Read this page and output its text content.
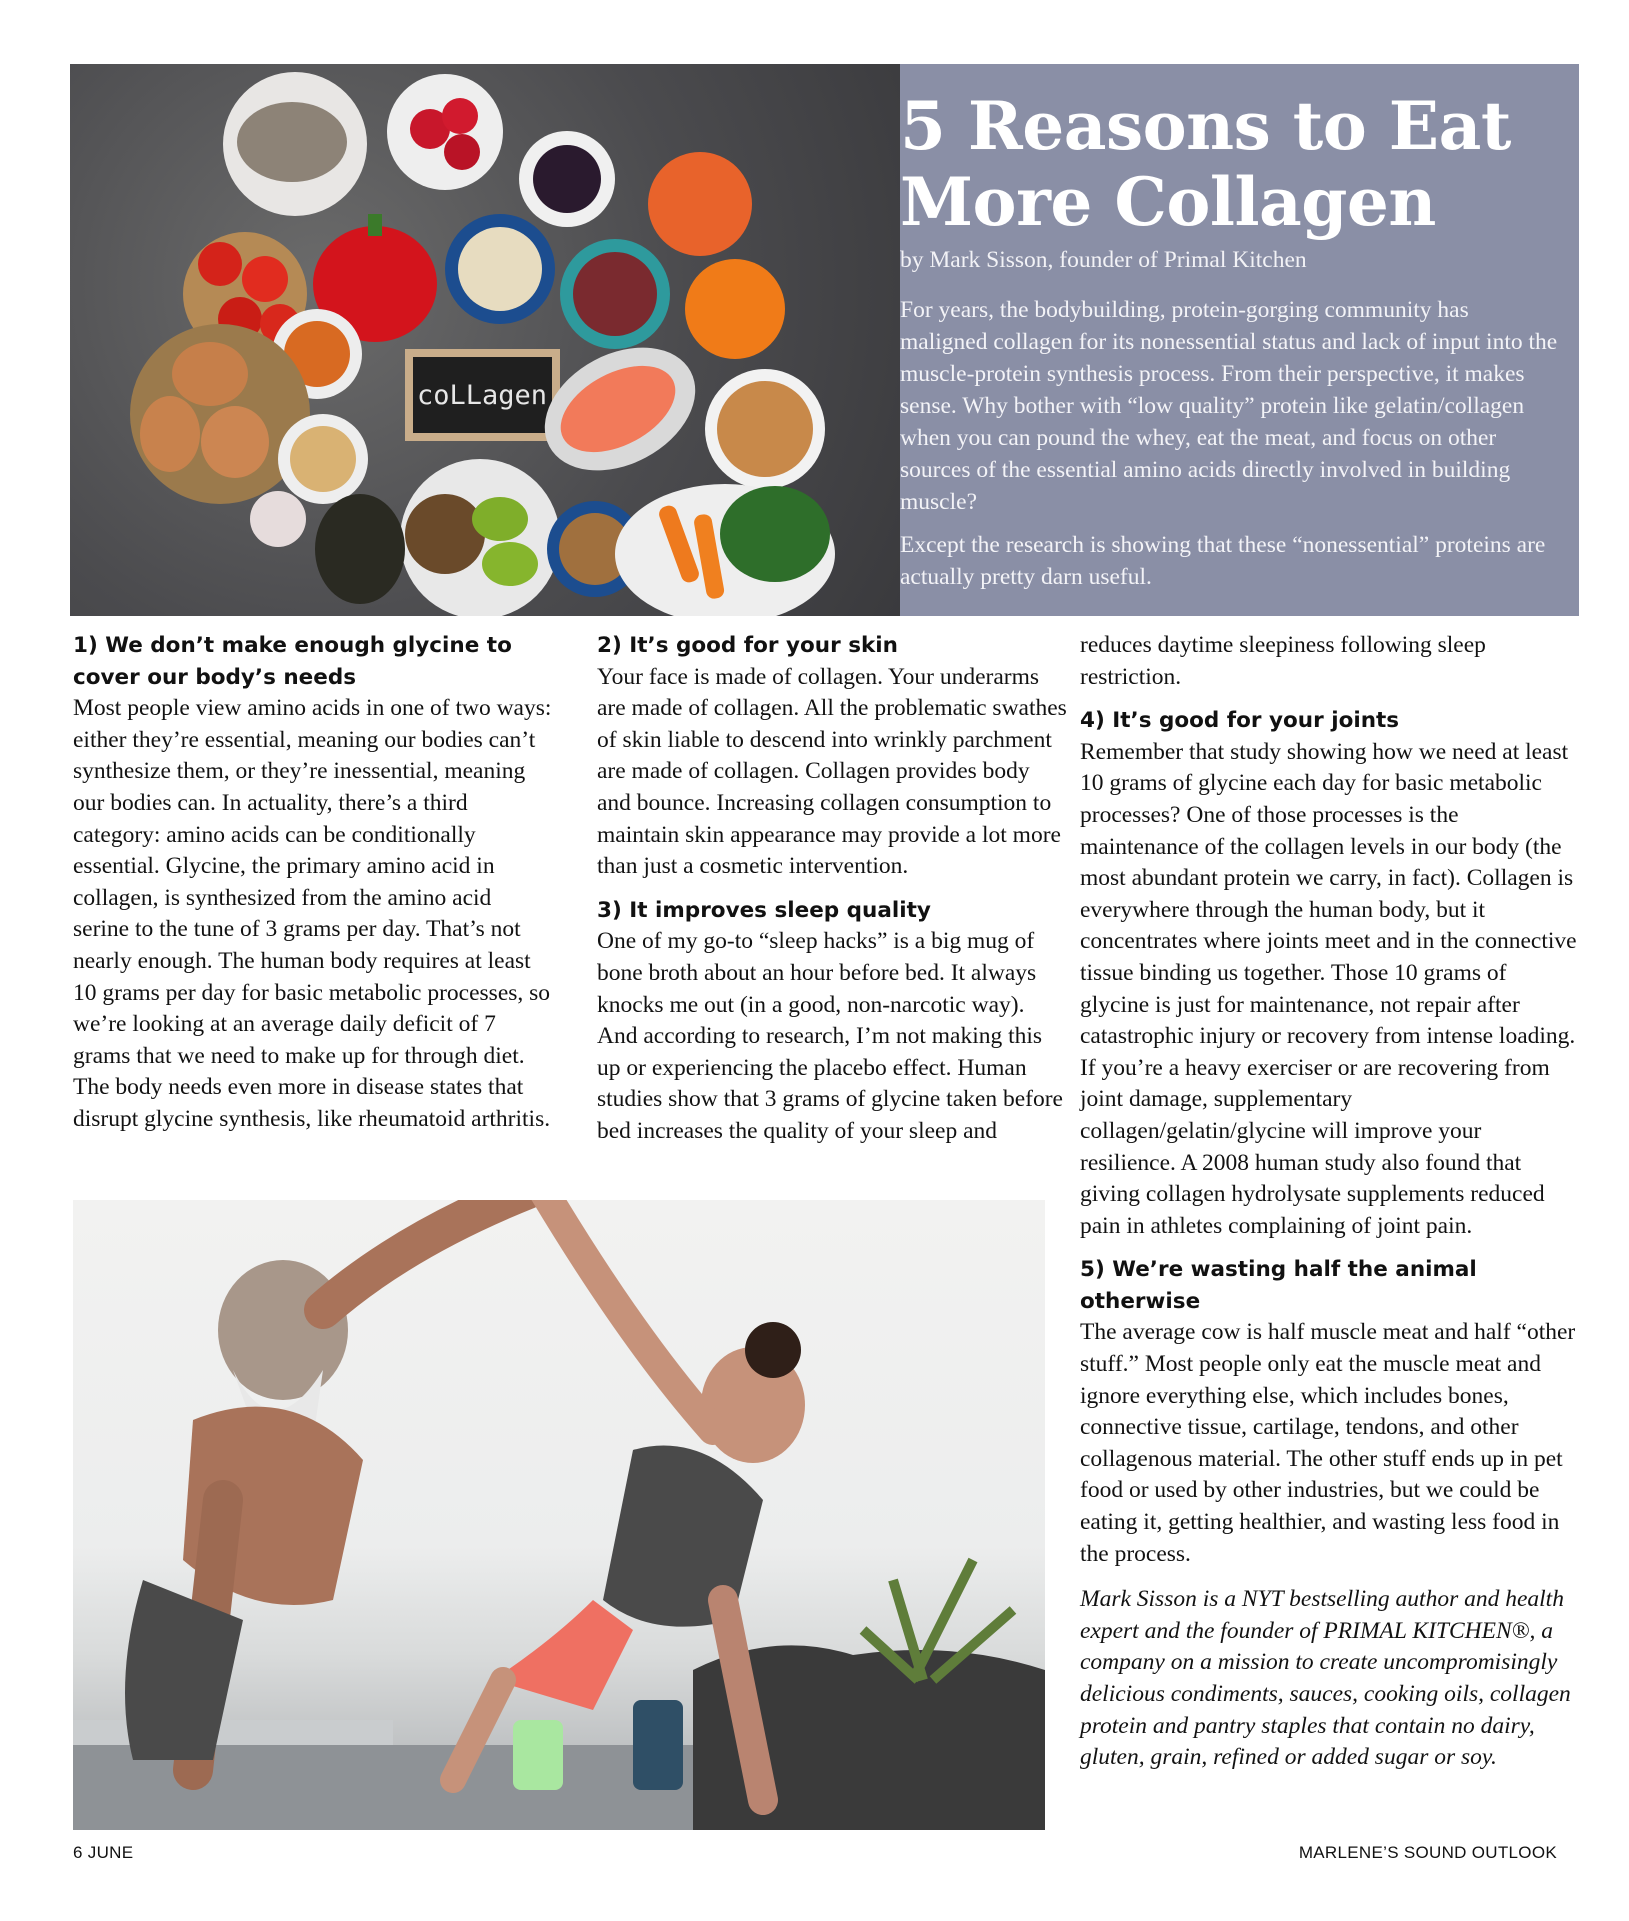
coLLagen
5 Reasons to Eat
More Collagen
by Mark Sisson, founder of Primal Kitchen

For years, the bodybuilding, protein-gorging community has maligned collagen for its nonessential status and lack of input into the muscle-protein synthesis process. From their perspective, it makes sense. Why bother with “low quality” protein like gelatin/collagen when you can pound the whey, eat the meat, and focus on other sources of the essential amino acids directly involved in building muscle?

Except the research is showing that these “nonessential” proteins are actually pretty darn useful.

1) We don’t make enough glycine to cover our body’s needs

Most people view amino acids in one of two ways: either they’re essential, meaning our bodies can’t synthesize them, or they’re inessential, meaning our bodies can. In actuality, there’s a third category: amino acids can be conditionally essential. Glycine, the primary amino acid in collagen, is synthesized from the amino acid serine to the tune of 3 grams per day. That’s not nearly enough. The human body requires at least 10 grams per day for basic metabolic processes, so we’re looking at an average daily deficit of 7 grams that we need to make up for through diet. The body needs even more in disease states that disrupt glycine synthesis, like rheumatoid arthritis.

2) It’s good for your skin

Your face is made of collagen. Your underarms are made of collagen. All the problematic swathes of skin liable to descend into wrinkly parchment are made of collagen. Collagen provides body and bounce. Increasing collagen consumption to maintain skin appearance may provide a lot more than just a cosmetic intervention.

3) It improves sleep quality

One of my go-to “sleep hacks” is a big mug of bone broth about an hour before bed. It always knocks me out (in a good, non-narcotic way). And according to research, I’m not making this up or experiencing the placebo effect. Human studies show that 3 grams of glycine taken before bed increases the quality of your sleep and

reduces daytime sleepiness following sleep restriction.

4) It’s good for your joints

Remember that study showing how we need at least 10 grams of glycine each day for basic metabolic processes? One of those processes is the maintenance of the collagen levels in our body (the most abundant protein we carry, in fact). Collagen is everywhere through the human body, but it concentrates where joints meet and in the connective tissue binding us together. Those 10 grams of glycine is just for maintenance, not repair after catastrophic injury or recovery from intense loading. If you’re a heavy exerciser or are recovering from joint damage, supplementary collagen/gelatin/glycine will improve your resilience. A 2008 human study also found that giving collagen hydrolysate supplements reduced pain in athletes complaining of joint pain.

5) We’re wasting half the animal otherwise

The average cow is half muscle meat and half “other stuff.” Most people only eat the muscle meat and ignore everything else, which includes bones, connective tissue, cartilage, tendons, and other collagenous material. The other stuff ends up in pet food or used by other industries, but we could be eating it, getting healthier, and wasting less food in the process.

Mark Sisson is a NYT bestselling author and health expert and the founder of PRIMAL KITCHEN®, a company on a mission to create uncompromisingly delicious condiments, sauces, cooking oils, collagen protein and pantry staples that contain no dairy, gluten, grain, refined or added sugar or soy.

6 JUNE	MARLENE’S SOUND OUTLOOK
